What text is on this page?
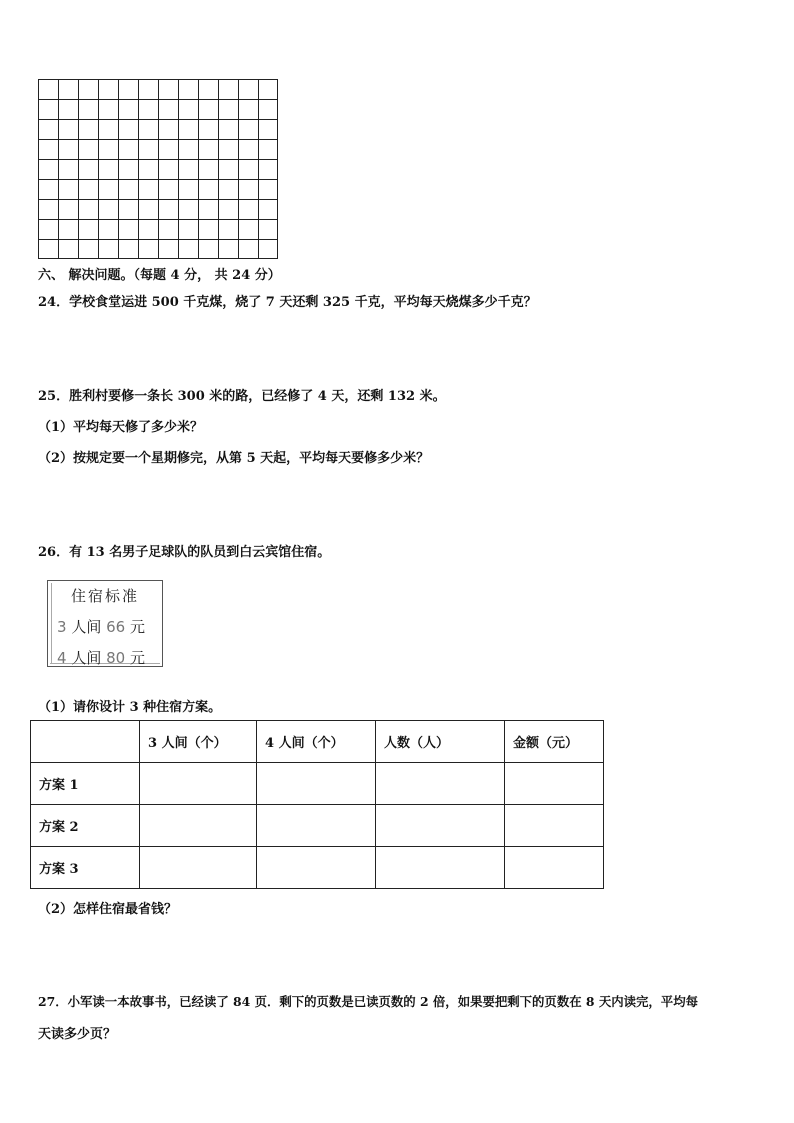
六、 解决问题。（每题 4 分， 共 24 分）
24．学校食堂运进 500 千克煤，烧了 7 天还剩 325 千克，平均每天烧煤多少千克？
25．胜利村要修一条长 300 米的路，已经修了 4 天，还剩 132 米。
（1）平均每天修了多少米？
（2）按规定要一个星期修完，从第 5 天起，平均每天要修多少米？
26．有 13 名男子足球队的队员到白云宾馆住宿。
住宿标准
3 人间 66 元
4 人间 80 元
（1）请你设计 3 种住宿方案。
	3 人间（个）	4 人间（个）	人数（人）	金额（元）
方案 1				
方案 2				
方案 3				
（2）怎样住宿最省钱？
27．小军读一本故事书，已经读了 84 页．剩下的页数是已读页数的 2 倍，如果要把剩下的页数在 8 天内读完，平均每
天读多少页？
